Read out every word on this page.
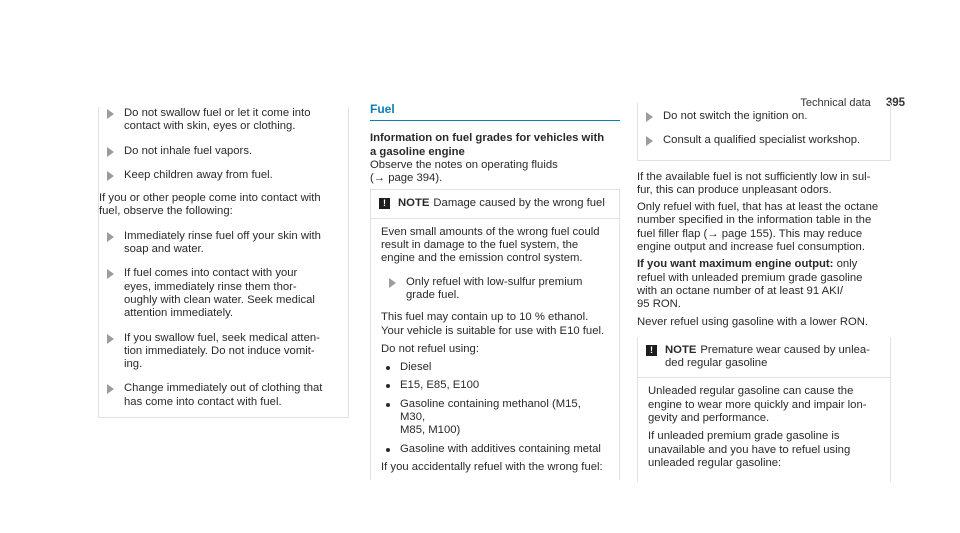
Technical data 395
Do not swallow fuel or let it come into
contact with skin, eyes or clothing.
Do not inhale fuel vapors.
Keep children away from fuel.

If you or other people come into contact with
fuel, observe the following:

Immediately rinse fuel off your skin with
soap and water.
If fuel comes into contact with your
eyes, immediately rinse them thor-
oughly with clean water. Seek medical
attention immediately.
If you swallow fuel, seek medical atten-
tion immediately. Do not induce vomit-
ing.
Change immediately out of clothing that
has come into contact with fuel.
Fuel
Information on fuel grades for vehicles with
a gasoline engine

Observe the notes on operating fluids
(→ page 394).

!	NOTE Damage caused by the wrong fuel

Even small amounts of the wrong fuel could
result in damage to the fuel system, the
engine and the emission control system.

Only refuel with low-sulfur premium
grade fuel.

This fuel may contain up to 10 % ethanol.
Your vehicle is suitable for use with E10 fuel.

Do not refuel using:

Diesel
E15, E85, E100
Gasoline containing methanol (M15, M30,
M85, M100)
Gasoline with additives containing metal

If you accidentally refuel with the wrong fuel:

Do not switch the ignition on.
Consult a qualified specialist workshop.

If the available fuel is not sufficiently low in sul-
fur, this can produce unpleasant odors.

Only refuel with fuel, that has at least the octane
number specified in the information table in the
fuel filler flap (→ page 155). This may reduce
engine output and increase fuel consumption.

If you want maximum engine output: only
refuel with unleaded premium grade gasoline
with an octane number of at least 91 AKI/
95 RON.

Never refuel using gasoline with a lower RON.

!	NOTE Premature wear caused by unlea-
ded regular gasoline

Unleaded regular gasoline can cause the
engine to wear more quickly and impair lon-
gevity and performance.

If unleaded premium grade gasoline is
unavailable and you have to refuel using
unleaded regular gasoline:
